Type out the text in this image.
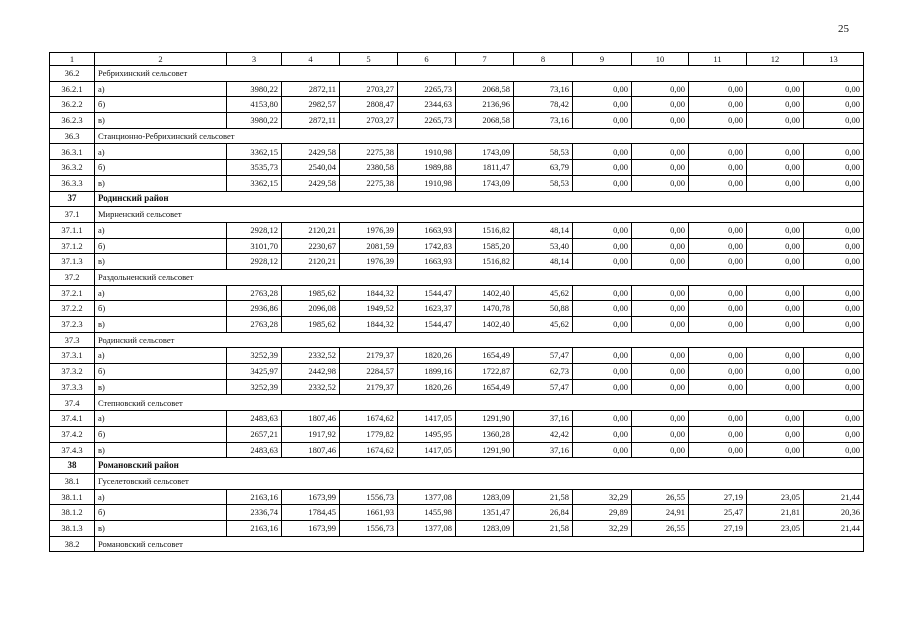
25
1	2	3	4	5	6	7	8	9	10	11	12	13
36.2	Ребрихинский сельсовет											
36.2.1	а)	3980,22	2872,11	2703,27	2265,73	2068,58	73,16	0,00	0,00	0,00	0,00	0,00
36.2.2	б)	4153,80	2982,57	2808,47	2344,63	2136,96	78,42	0,00	0,00	0,00	0,00	0,00
36.2.3	в)	3980,22	2872,11	2703,27	2265,73	2068,58	73,16	0,00	0,00	0,00	0,00	0,00
36.3	Станционно-Ребрихинский сельсовет											
36.3.1	а)	3362,15	2429,58	2275,38	1910,98	1743,09	58,53	0,00	0,00	0,00	0,00	0,00
36.3.2	б)	3535,73	2540,04	2380,58	1989,88	1811,47	63,79	0,00	0,00	0,00	0,00	0,00
36.3.3	в)	3362,15	2429,58	2275,38	1910,98	1743,09	58,53	0,00	0,00	0,00	0,00	0,00
37	Родинский район											
37.1	Мирненский сельсовет											
37.1.1	а)	2928,12	2120,21	1976,39	1663,93	1516,82	48,14	0,00	0,00	0,00	0,00	0,00
37.1.2	б)	3101,70	2230,67	2081,59	1742,83	1585,20	53,40	0,00	0,00	0,00	0,00	0,00
37.1.3	в)	2928,12	2120,21	1976,39	1663,93	1516,82	48,14	0,00	0,00	0,00	0,00	0,00
37.2	Раздольненский сельсовет											
37.2.1	а)	2763,28	1985,62	1844,32	1544,47	1402,40	45,62	0,00	0,00	0,00	0,00	0,00
37.2.2	б)	2936,86	2096,08	1949,52	1623,37	1470,78	50,88	0,00	0,00	0,00	0,00	0,00
37.2.3	в)	2763,28	1985,62	1844,32	1544,47	1402,40	45,62	0,00	0,00	0,00	0,00	0,00
37.3	Родинский сельсовет											
37.3.1	а)	3252,39	2332,52	2179,37	1820,26	1654,49	57,47	0,00	0,00	0,00	0,00	0,00
37.3.2	б)	3425,97	2442,98	2284,57	1899,16	1722,87	62,73	0,00	0,00	0,00	0,00	0,00
37.3.3	в)	3252,39	2332,52	2179,37	1820,26	1654,49	57,47	0,00	0,00	0,00	0,00	0,00
37.4	Степновский сельсовет											
37.4.1	а)	2483,63	1807,46	1674,62	1417,05	1291,90	37,16	0,00	0,00	0,00	0,00	0,00
37.4.2	б)	2657,21	1917,92	1779,82	1495,95	1360,28	42,42	0,00	0,00	0,00	0,00	0,00
37.4.3	в)	2483,63	1807,46	1674,62	1417,05	1291,90	37,16	0,00	0,00	0,00	0,00	0,00
38	Романовский район											
38.1	Гуселетовский сельсовет											
38.1.1	а)	2163,16	1673,99	1556,73	1377,08	1283,09	21,58	32,29	26,55	27,19	23,05	21,44
38.1.2	б)	2336,74	1784,45	1661,93	1455,98	1351,47	26,84	29,89	24,91	25,47	21,81	20,36
38.1.3	в)	2163,16	1673,99	1556,73	1377,08	1283,09	21,58	32,29	26,55	27,19	23,05	21,44
38.2	Романовский сельсовет											
